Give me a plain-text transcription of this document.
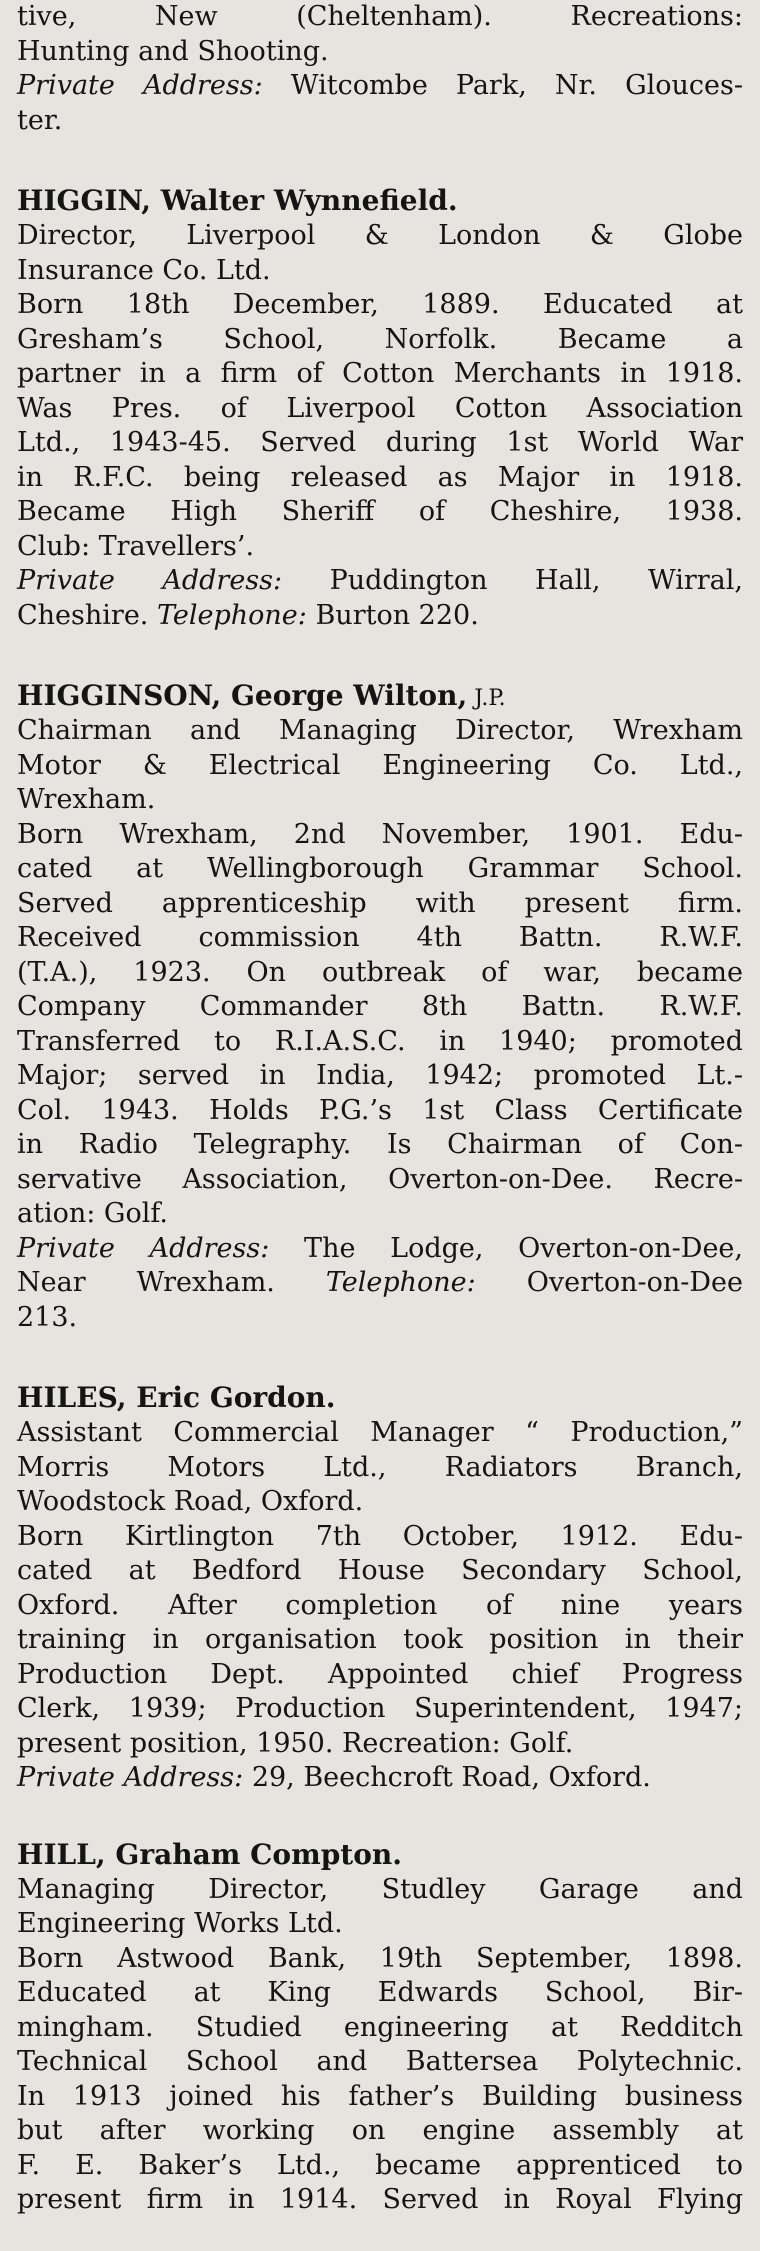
tive, New (Cheltenham). Recreations:
Hunting and Shooting.
Private Address: Witcombe Park, Nr. Glouces-
ter.
HIGGIN, Walter Wynnefield.
Director, Liverpool & London & Globe
Insurance Co. Ltd.
Born 18th December, 1889. Educated at
Gresham’s School, Norfolk. Became a
partner in a firm of Cotton Merchants in 1918.
Was Pres. of Liverpool Cotton Association
Ltd., 1943-45. Served during 1st World War
in R.F.C. being released as Major in 1918.
Became High Sheriff of Cheshire, 1938.
Club: Travellers’.
Private Address: Puddington Hall, Wirral,
Cheshire. Telephone: Burton 220.
HIGGINSON, George Wilton, J.P.
Chairman and Managing Director, Wrexham
Motor & Electrical Engineering Co. Ltd.,
Wrexham.
Born Wrexham, 2nd November, 1901. Edu-
cated at Wellingborough Grammar School.
Served apprenticeship with present firm.
Received commission 4th Battn. R.W.F.
(T.A.), 1923. On outbreak of war, became
Company Commander 8th Battn. R.W.F.
Transferred to R.I.A.S.C. in 1940; promoted
Major; served in India, 1942; promoted Lt.-
Col. 1943. Holds P.G.’s 1st Class Certificate
in Radio Telegraphy. Is Chairman of Con-
servative Association, Overton-on-Dee. Recre-
ation: Golf.
Private Address: The Lodge, Overton-on-Dee,
Near Wrexham. Telephone: Overton-on-Dee
213.
HILES, Eric Gordon.
Assistant Commercial Manager “ Production,”
Morris Motors Ltd., Radiators Branch,
Woodstock Road, Oxford.
Born Kirtlington 7th October, 1912. Edu-
cated at Bedford House Secondary School,
Oxford. After completion of nine years
training in organisation took position in their
Production Dept. Appointed chief Progress
Clerk, 1939; Production Superintendent, 1947;
present position, 1950. Recreation: Golf.
Private Address: 29, Beechcroft Road, Oxford.
HILL, Graham Compton.
Managing Director, Studley Garage and
Engineering Works Ltd.
Born Astwood Bank, 19th September, 1898.
Educated at King Edwards School, Bir-
mingham. Studied engineering at Redditch
Technical School and Battersea Polytechnic.
In 1913 joined his father’s Building business
but after working on engine assembly at
F. E. Baker’s Ltd., became apprenticed to
present firm in 1914. Served in Royal Flying
